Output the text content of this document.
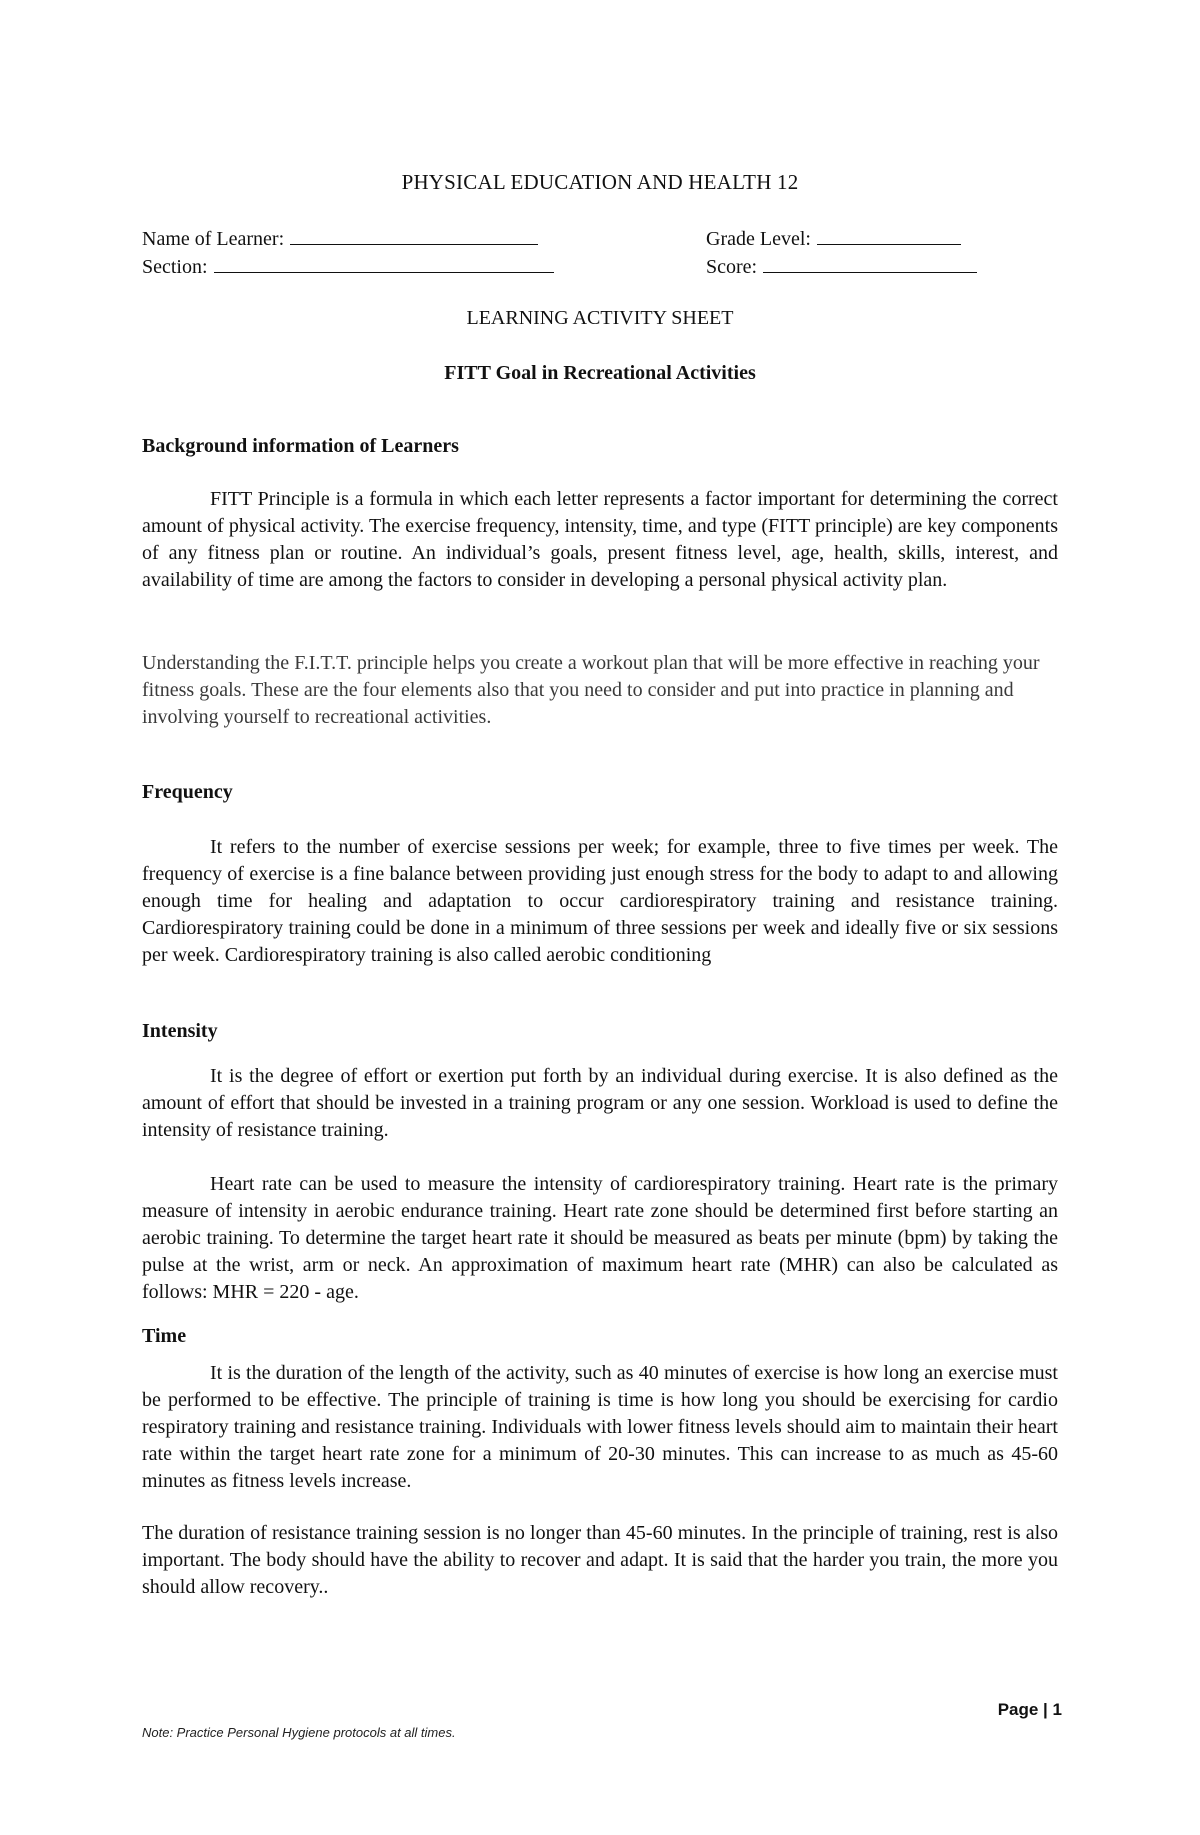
PHYSICAL EDUCATION AND HEALTH 12
Name of Learner:
Section:
Grade Level:
Score:
LEARNING ACTIVITY SHEET
FITT Goal in Recreational Activities
Background information of Learners

FITT Principle is a formula in which each letter represents a factor important for determining the correct amount of physical activity. The exercise frequency, intensity, time, and type (FITT principle) are key components of any fitness plan or routine. An individual’s goals, present fitness level, age, health, skills, interest, and availability of time are among the factors to consider in developing a personal physical activity plan.

Understanding the F.I.T.T. principle helps you create a workout plan that will be more effective in reaching your fitness goals. These are the four elements also that you need to consider and put into practice in planning and involving yourself to recreational activities.

Frequency

It refers to the number of exercise sessions per week; for example, three to five times per week. The frequency of exercise is a fine balance between providing just enough stress for the body to adapt to and allowing enough time for healing and adaptation to occur cardiorespiratory training and resistance training. Cardiorespiratory training could be done in a minimum of three sessions per week and ideally five or six sessions per week. Cardiorespiratory training is also called aerobic conditioning

Intensity

It is the degree of effort or exertion put forth by an individual during exercise. It is also defined as the amount of effort that should be invested in a training program or any one session. Workload is used to define the intensity of resistance training.

Heart rate can be used to measure the intensity of cardiorespiratory training. Heart rate is the primary measure of intensity in aerobic endurance training. Heart rate zone should be determined first before starting an aerobic training. To determine the target heart rate it should be measured as beats per minute (bpm) by taking the pulse at the wrist, arm or neck. An approximation of maximum heart rate (MHR) can also be calculated as follows: MHR = 220 - age.

Time

It is the duration of the length of the activity, such as 40 minutes of exercise is how long an exercise must be performed to be effective. The principle of training is time is how long you should be exercising for cardio respiratory training and resistance training. Individuals with lower fitness levels should aim to maintain their heart rate within the target heart rate zone for a minimum of 20-30 minutes. This can increase to as much as 45-60 minutes as fitness levels increase.

The duration of resistance training session is no longer than 45-60 minutes. In the principle of training, rest is also important. The body should have the ability to recover and adapt. It is said that the harder you train, the more you should allow recovery..

Page | 1
Note: Practice Personal Hygiene protocols at all times.
